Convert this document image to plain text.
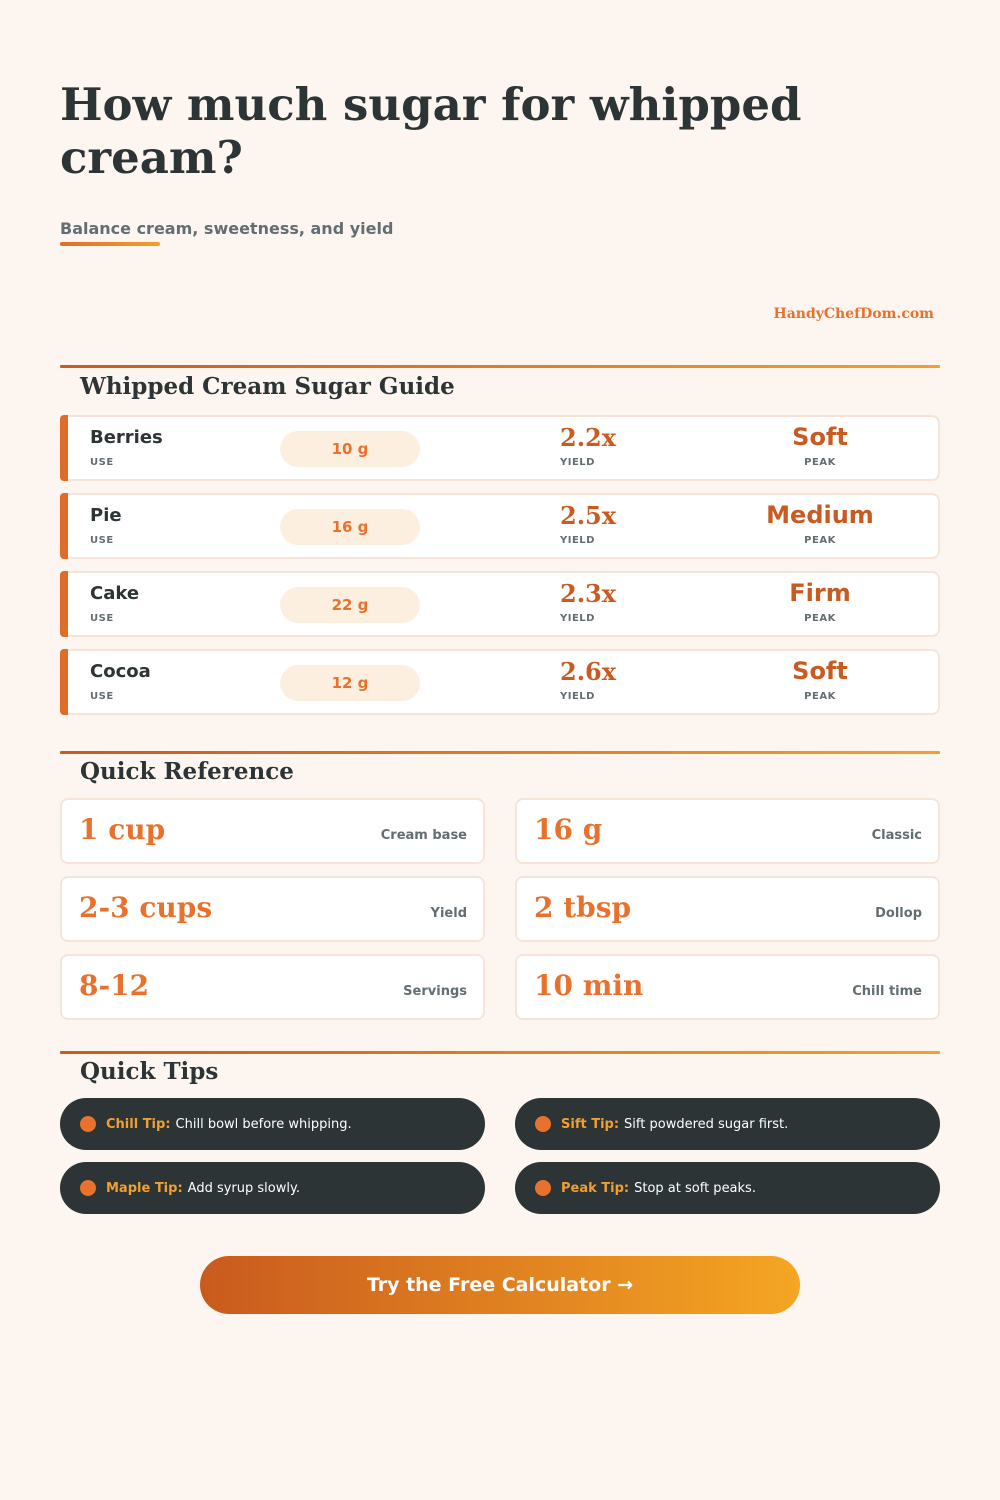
How much sugar for whipped cream?
Balance cream, sweetness, and yield
HandyChefDom.com
Whipped Cream Sugar Guide
Berries
USE
10 g	2.2x
YIELD
Soft
PEAK
Pie
USE
16 g	2.5x
YIELD
Medium
PEAK
Cake
USE
22 g	2.3x
YIELD
Firm
PEAK
Cocoa
USE
12 g	2.6x
YIELD
Soft
PEAK
Quick Reference
1 cup	Cream base 16 g	Classic
2-3 cups	Yield 2 tbsp	Dollop
8-12	Servings 10 min	Chill time
Quick Tips
Chill Tip: Chill bowl before whipping.	Sift Tip: Sift powdered sugar first.
Maple Tip: Add syrup slowly.	Peak Tip: Stop at soft peaks.
Try the Free Calculator →
